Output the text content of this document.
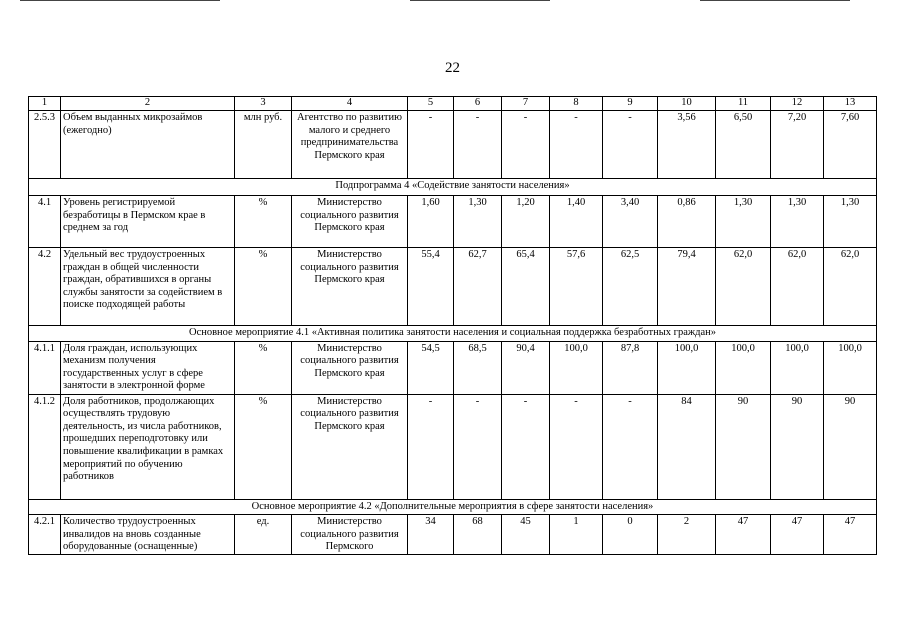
22
1	2	3	4	5	6	7	8	9	10	11	12	13
2.5.3	Объем выданных микрозаймов (ежегодно)	млн руб.	Агентство по развитию малого и среднего предпринимательства Пермского края	-	-	-	-	-	3,56	6,50	7,20	7,60
Подпрограмма 4 «Содействие занятости населения»												
4.1	Уровень регистрируемой безработицы в Пермском крае в среднем за год	%	Министерство социального развития Пермского края	1,60	1,30	1,20	1,40	3,40	0,86	1,30	1,30	1,30
4.2	Удельный вес трудоустроенных граждан в общей численности граждан, обратившихся в органы службы занятости за содействием в поиске подходящей работы	%	Министерство социального развития Пермского края	55,4	62,7	65,4	57,6	62,5	79,4	62,0	62,0	62,0
Основное мероприятие 4.1 «Активная политика занятости населения и социальная поддержка безработных граждан»												
4.1.1	Доля граждан, использующих механизм получения государственных услуг в сфере занятости в электронной форме	%	Министерство социального развития Пермского края	54,5	68,5	90,4	100,0	87,8	100,0	100,0	100,0	100,0
4.1.2	Доля работников, продолжающих осуществлять трудовую деятельность, из числа работников, прошедших переподготовку или повышение квалификации в рамках мероприятий по обучению работников	%	Министерство социального развития Пермского края	-	-	-	-	-	84	90	90	90
Основное мероприятие 4.2 «Дополнительные мероприятия в сфере занятости населения»												
4.2.1	Количество трудоустроенных инвалидов на вновь созданные оборудованные (оснащенные)	ед.	Министерство социального развития Пермского	34	68	45	1	0	2	47	47	47
